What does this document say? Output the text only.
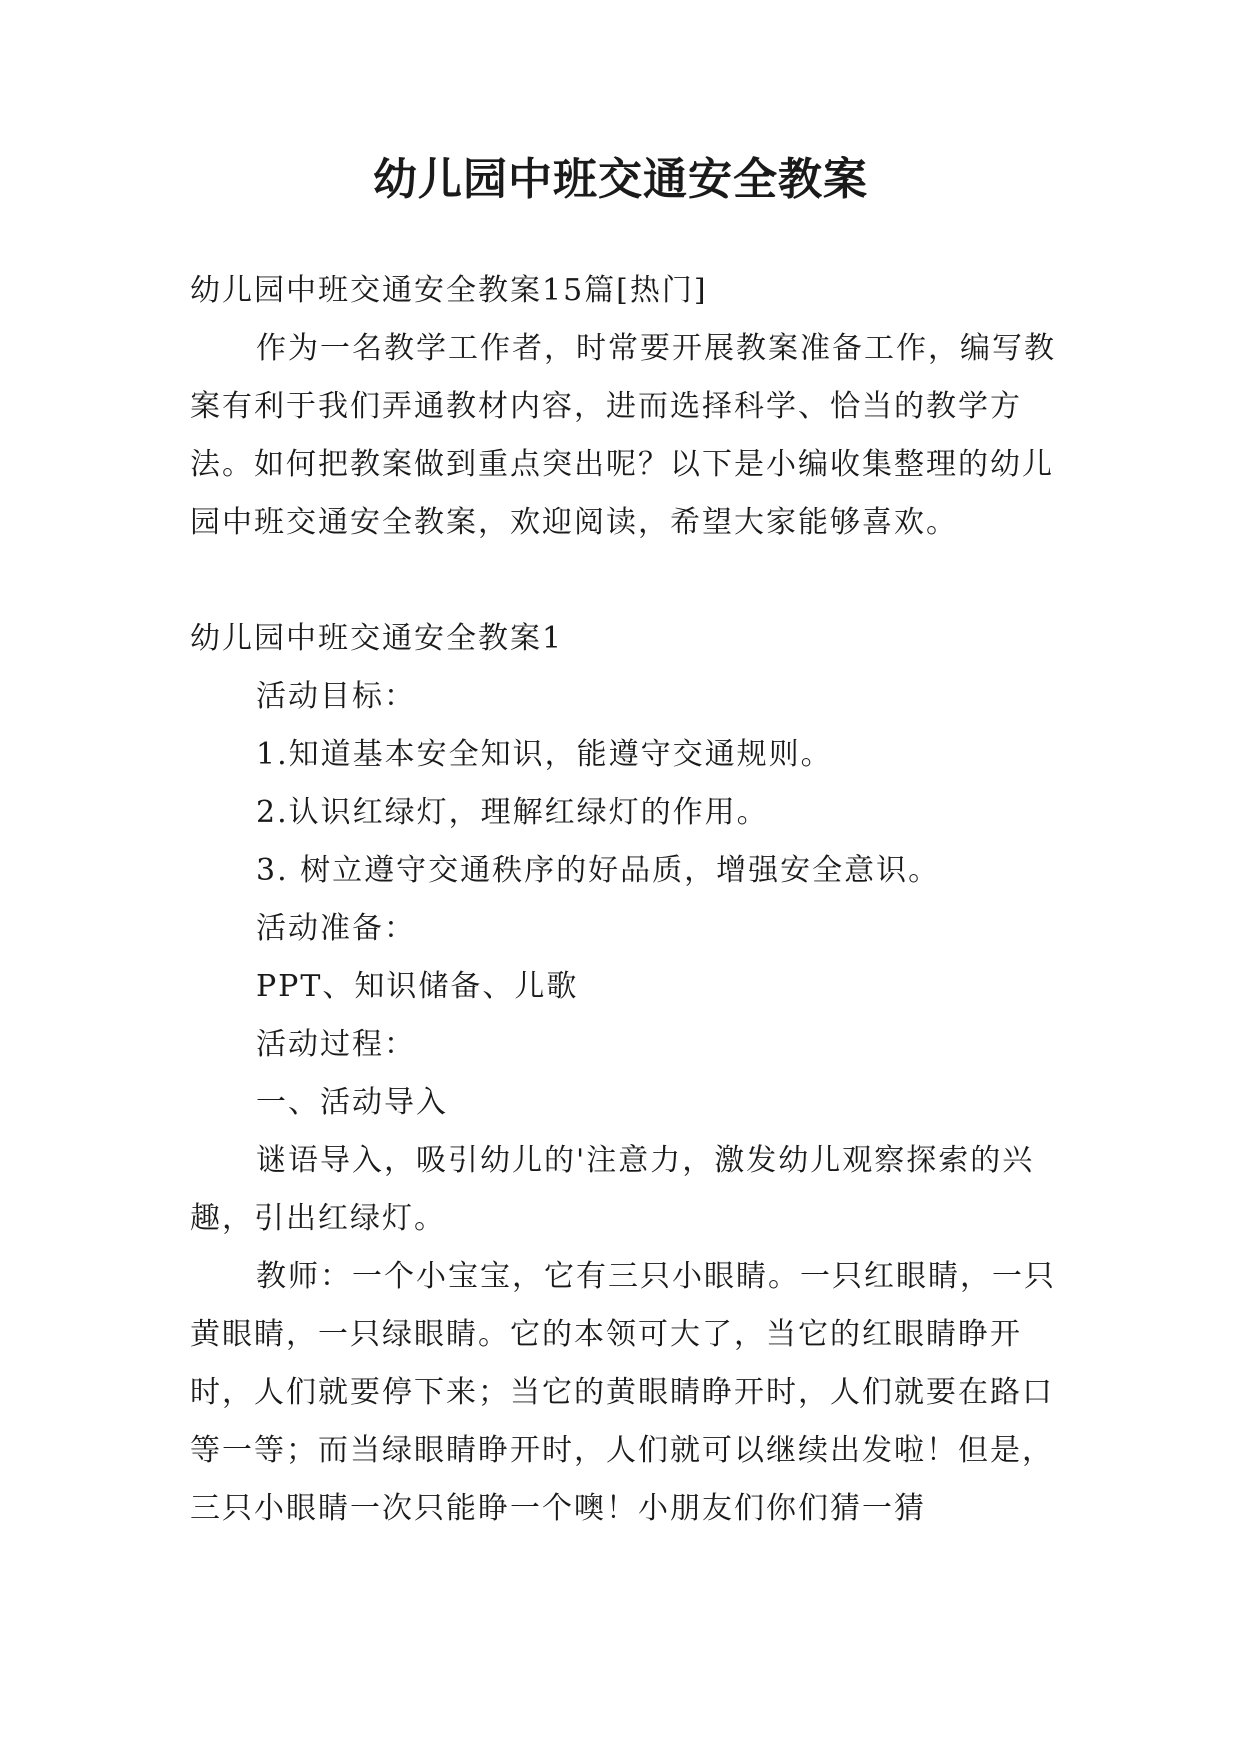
幼儿园中班交通安全教案

幼儿园中班交通安全教案15篇[热门]

作为一名教学工作者，时常要开展教案准备工作，编写教案有利于我们弄通教材内容，进而选择科学、恰当的教学方法。如何把教案做到重点突出呢？以下是小编收集整理的幼儿园中班交通安全教案，欢迎阅读，希望大家能够喜欢。

幼儿园中班交通安全教案1

活动目标：

1.知道基本安全知识，能遵守交通规则。

2.认识红绿灯，理解红绿灯的作用。

3. 树立遵守交通秩序的好品质，增强安全意识。

活动准备：

PPT、知识储备、儿歌

活动过程：

一、活动导入

谜语导入，吸引幼儿的'注意力，激发幼儿观察探索的兴趣，引出红绿灯。

教师：一个小宝宝，它有三只小眼睛。一只红眼睛，一只黄眼睛，一只绿眼睛。它的本领可大了，当它的红眼睛睁开时，人们就要停下来；当它的黄眼睛睁开时，人们就要在路口等一等；而当绿眼睛睁开时，人们就可以继续出发啦！但是，三只小眼睛一次只能睁一个噢！小朋友们你们猜一猜
